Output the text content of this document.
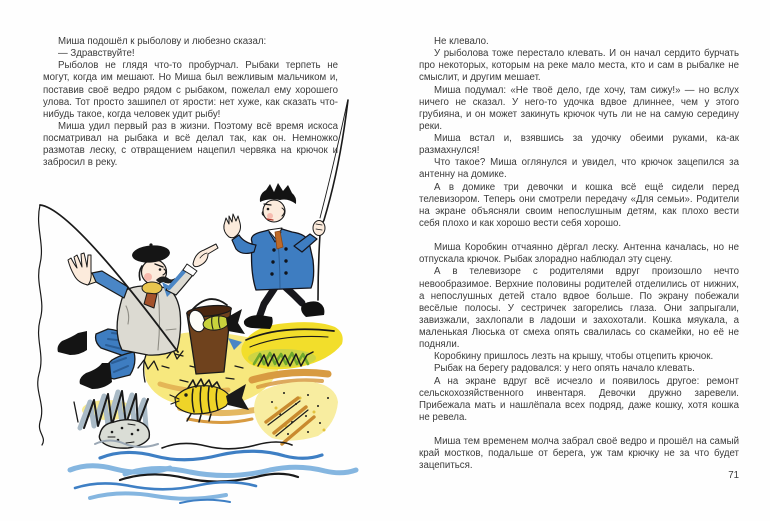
Миша подошёл к рыболову и любезно сказал:

— Здравствуйте!

Рыболов не глядя что-то пробурчал. Рыбаки терпеть не могут, когда им мешают. Но Миша был вежливым мальчиком и, поставив своё ведро рядом с рыбаком, пожелал ему хорошего улова. Тот просто зашипел от ярости: нет хуже, как сказать что-нибудь такое, когда человек удит рыбу!

Миша удил первый раз в жизни. Поэтому всё время искоса посматривал на рыбака и всё делал так, как он. Немножко размотав леску, с отвращением нацепил червяка на крючок и забросил в реку.

Не клевало.

У рыболова тоже перестало клевать. И он начал сердито бурчать про некоторых, которым на реке мало места, кто и сам в рыбалке не смыслит, и другим мешает.

Миша подумал: «Не твоё дело, где хочу, там сижу!» — но вслух ничего не сказал. У него-то удочка вдвое длиннее, чем у этого грубияна, и он может закинуть крючок чуть ли не на самую середину реки.

Миша встал и, взявшись за удочку обеими руками, ка-ак размахнулся!

Что такое? Миша оглянулся и увидел, что крючок зацепился за антенну на домике.

А в домике три девочки и кошка всё ещё сидели перед телевизором. Теперь они смотрели передачу «Для семьи». Родители на экране объясняли своим непослушным детям, как плохо вести себя плохо и как хорошо вести себя хорошо.

Миша Коробкин отчаянно дёргал леску. Антенна качалась, но не отпускала крючок. Рыбак злорадно наблюдал эту сцену.

А в телевизоре с родителями вдруг произошло нечто невообразимое. Верхние половины родителей отделились от нижних, а непослушных детей стало вдвое больше. По экрану побежали весёлые полосы. У сестричек загорелись глаза. Они запрыгали, завизжали, захлопали в ладоши и захохотали. Кошка мяукала, а маленькая Люська от смеха опять свалилась со скамейки, но её не подняли.

Коробкину пришлось лезть на крышу, чтобы отцепить крючок.

Рыбак на берегу радовался: у него опять начало клевать.

А на экране вдруг всё исчезло и появилось другое: ремонт сельскохозяйственного инвентаря. Девочки дружно заревели. Прибежала мать и нашлёпала всех подряд, даже кошку, хотя кошка не ревела.

Миша тем временем молча забрал своё ведро и прошёл на самый край мостков, подальше от берега, уж там крючку не за что будет зацепиться.

71
